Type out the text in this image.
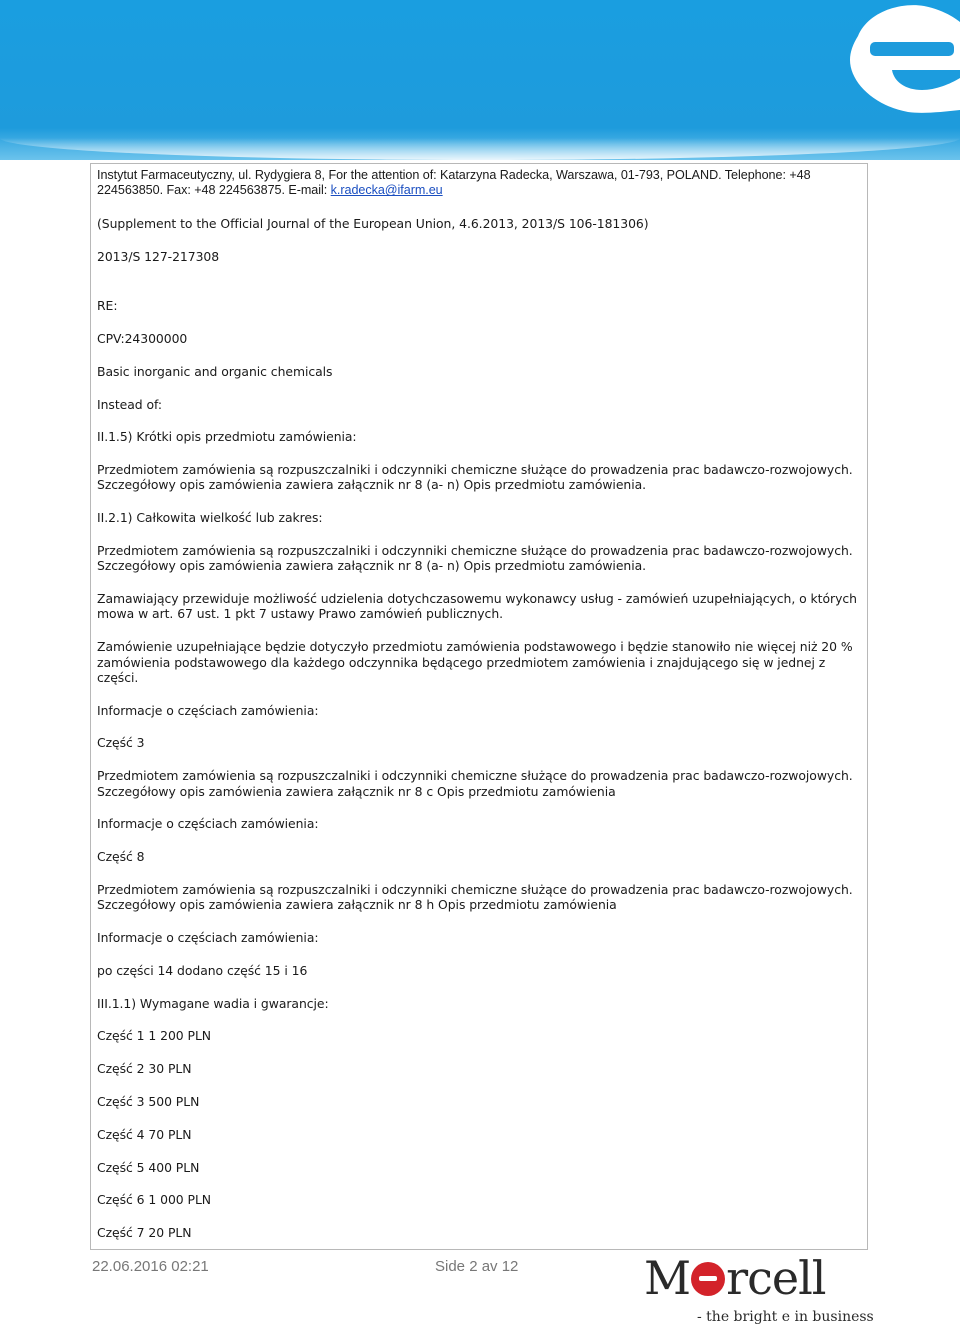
Instytut Farmaceutyczny, ul. Rydygiera 8, For the attention of: Katarzyna Radecka, Warszawa, 01-793, POLAND. Telephone: +48 224563850. Fax: +48 224563875. E-mail: k.radecka@ifarm.eu

(Supplement to the Official Journal of the European Union, 4.6.2013, 2013/S 106-181306)

2013/S 127-217308

RE:

CPV:24300000

Basic inorganic and organic chemicals

Instead of:

II.1.5) Krótki opis przedmiotu zamówienia:

Przedmiotem zamówienia są rozpuszczalniki i odczynniki chemiczne służące do prowadzenia prac badawczo-rozwojowych. Szczegółowy opis zamówienia zawiera załącznik nr 8 (a- n) Opis przedmiotu zamówienia.

II.2.1) Całkowita wielkość lub zakres:

Przedmiotem zamówienia są rozpuszczalniki i odczynniki chemiczne służące do prowadzenia prac badawczo-rozwojowych. Szczegółowy opis zamówienia zawiera załącznik nr 8 (a- n) Opis przedmiotu zamówienia.

Zamawiający przewiduje możliwość udzielenia dotychczasowemu wykonawcy usług - zamówień uzupełniających, o których mowa w art. 67 ust. 1 pkt 7 ustawy Prawo zamówień publicznych.

Zamówienie uzupełniające będzie dotyczyło przedmiotu zamówienia podstawowego i będzie stanowiło nie więcej niż 20 % zamówienia podstawowego dla każdego odczynnika będącego przedmiotem zamówienia i znajdującego się w jednej z części.

Informacje o częściach zamówienia:

Część 3

Przedmiotem zamówienia są rozpuszczalniki i odczynniki chemiczne służące do prowadzenia prac badawczo-rozwojowych. Szczegółowy opis zamówienia zawiera załącznik nr 8 c Opis przedmiotu zamówienia

Informacje o częściach zamówienia:

Część 8

Przedmiotem zamówienia są rozpuszczalniki i odczynniki chemiczne służące do prowadzenia prac badawczo-rozwojowych. Szczegółowy opis zamówienia zawiera załącznik nr 8 h Opis przedmiotu zamówienia

Informacje o częściach zamówienia:

po części 14 dodano część 15 i 16

III.1.1) Wymagane wadia i gwarancje:

Część 1 1 200 PLN

Część 2 30 PLN

Część 3 500 PLN

Część 4 70 PLN

Część 5 400 PLN

Część 6 1 000 PLN

Część 7 20 PLN

22.06.2016 02:21	Side 2 av 12	M rcell
- the bright e in business
